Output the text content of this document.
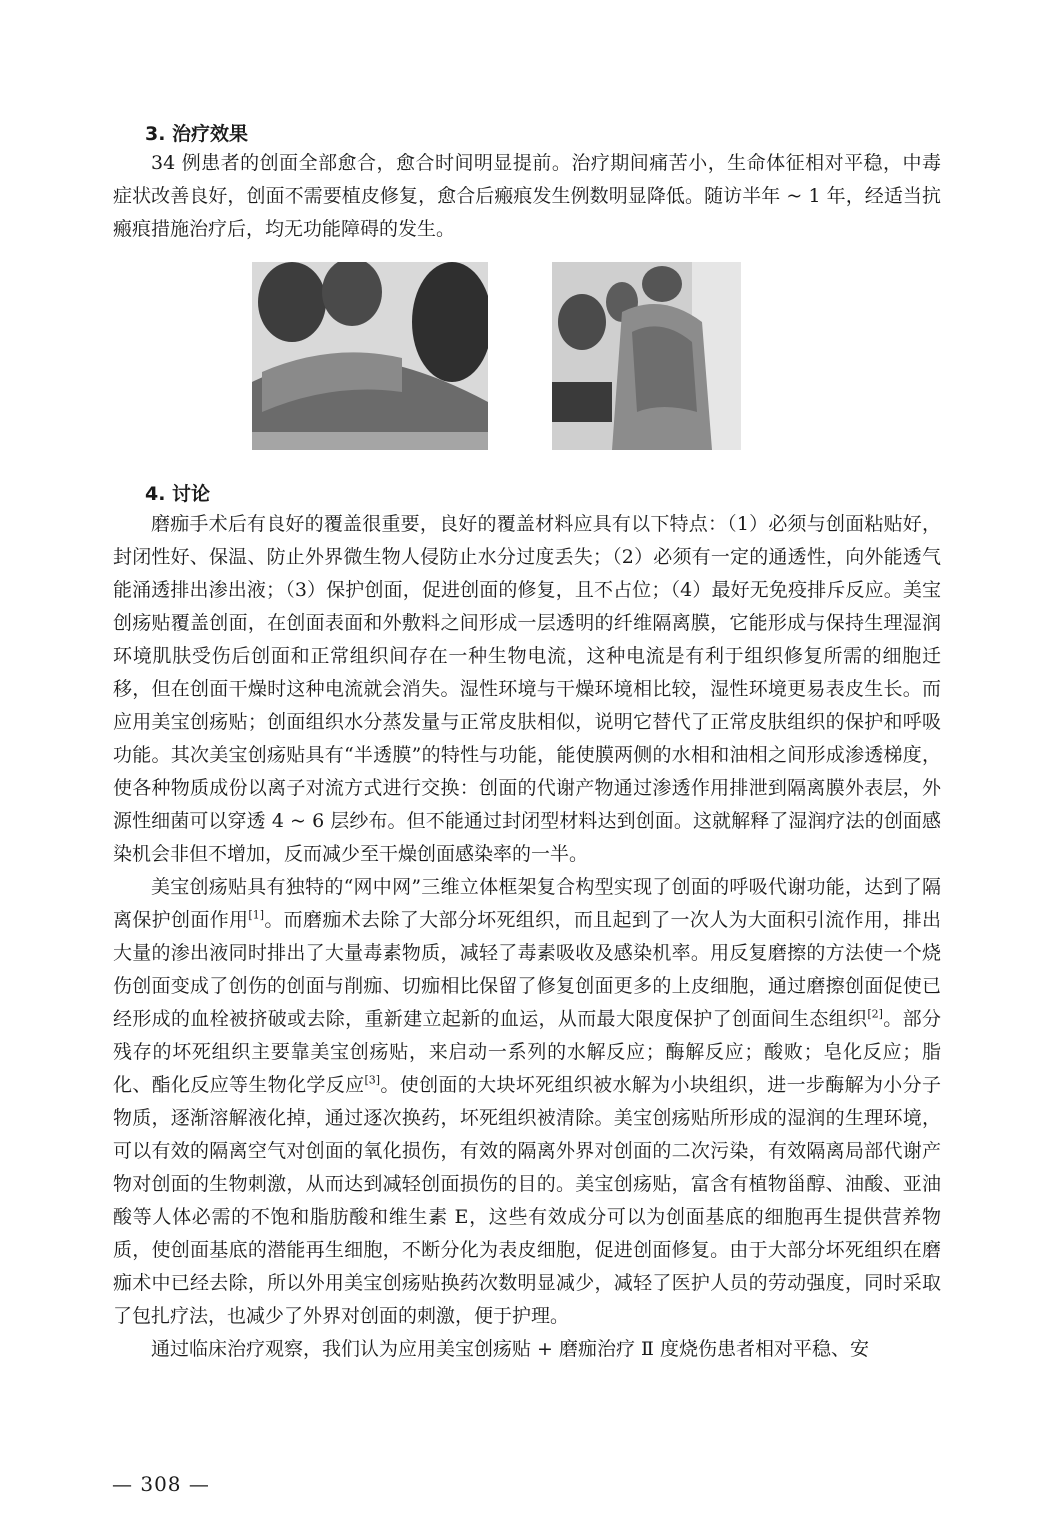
3. 治疗效果

34 例患者的创面全部愈合，愈合时间明显提前。治疗期间痛苦小，生命体征相对平稳，中毒症状改善良好，创面不需要植皮修复，愈合后瘢痕发生例数明显降低。随访半年 ~ 1 年，经适当抗瘢痕措施治疗后，均无功能障碍的发生。

4. 讨论

磨痂手术后有良好的覆盖很重要，良好的覆盖材料应具有以下特点：（1）必须与创面粘贴好，封闭性好、保温、防止外界微生物人侵防止水分过度丢失；（2）必须有一定的通透性，向外能透气能涌透排出渗出液；（3）保护创面，促进创面的修复，且不占位；（4）最好无免疫排斥反应。美宝创疡贴覆盖创面，在创面表面和外敷料之间形成一层透明的纤维隔离膜，它能形成与保持生理湿润环境肌肤受伤后创面和正常组织间存在一种生物电流，这种电流是有利于组织修复所需的细胞迁移，但在创面干燥时这种电流就会消失。湿性环境与干燥环境相比较，湿性环境更易表皮生长。而应用美宝创疡贴；创面组织水分蒸发量与正常皮肤相似，说明它替代了正常皮肤组织的保护和呼吸功能。其次美宝创疡贴具有“半透膜”的特性与功能，能使膜两侧的水相和油相之间形成渗透梯度，使各种物质成份以离子对流方式进行交换：创面的代谢产物通过渗透作用排泄到隔离膜外表层，外源性细菌可以穿透 4 ~ 6 层纱布。但不能通过封闭型材料达到创面。这就解释了湿润疗法的创面感染机会非但不增加，反而减少至干燥创面感染率的一半。

美宝创疡贴具有独特的“网中网”三维立体框架复合构型实现了创面的呼吸代谢功能，达到了隔离保护创面作用[1]。而磨痂术去除了大部分坏死组织，而且起到了一次人为大面积引流作用，排出大量的渗出液同时排出了大量毒素物质，减轻了毒素吸收及感染机率。用反复磨擦的方法使一个烧伤创面变成了创伤的创面与削痂、切痂相比保留了修复创面更多的上皮细胞，通过磨擦创面促使已经形成的血栓被挤破或去除，重新建立起新的血运，从而最大限度保护了创面间生态组织[2]。部分残存的坏死组织主要靠美宝创疡贴，来启动一系列的水解反应；酶解反应；酸败；皂化反应；脂化、酯化反应等生物化学反应[3]。使创面的大块坏死组织被水解为小块组织，进一步酶解为小分子物质，逐渐溶解液化掉，通过逐次换药，坏死组织被清除。美宝创疡贴所形成的湿润的生理环境，可以有效的隔离空气对创面的氧化损伤，有效的隔离外界对创面的二次污染，有效隔离局部代谢产物对创面的生物刺激，从而达到减轻创面损伤的目的。美宝创疡贴，富含有植物甾醇、油酸、亚油酸等人体必需的不饱和脂肪酸和维生素 E，这些有效成分可以为创面基底的细胞再生提供营养物质，使创面基底的潜能再生细胞，不断分化为表皮细胞，促进创面修复。由于大部分坏死组织在磨痂术中已经去除，所以外用美宝创疡贴换药次数明显减少，减轻了医护人员的劳动强度，同时采取了包扎疗法，也减少了外界对创面的刺激，便于护理。

通过临床治疗观察，我们认为应用美宝创疡贴 + 磨痂治疗 Ⅱ 度烧伤患者相对平稳、安

— 308 —
